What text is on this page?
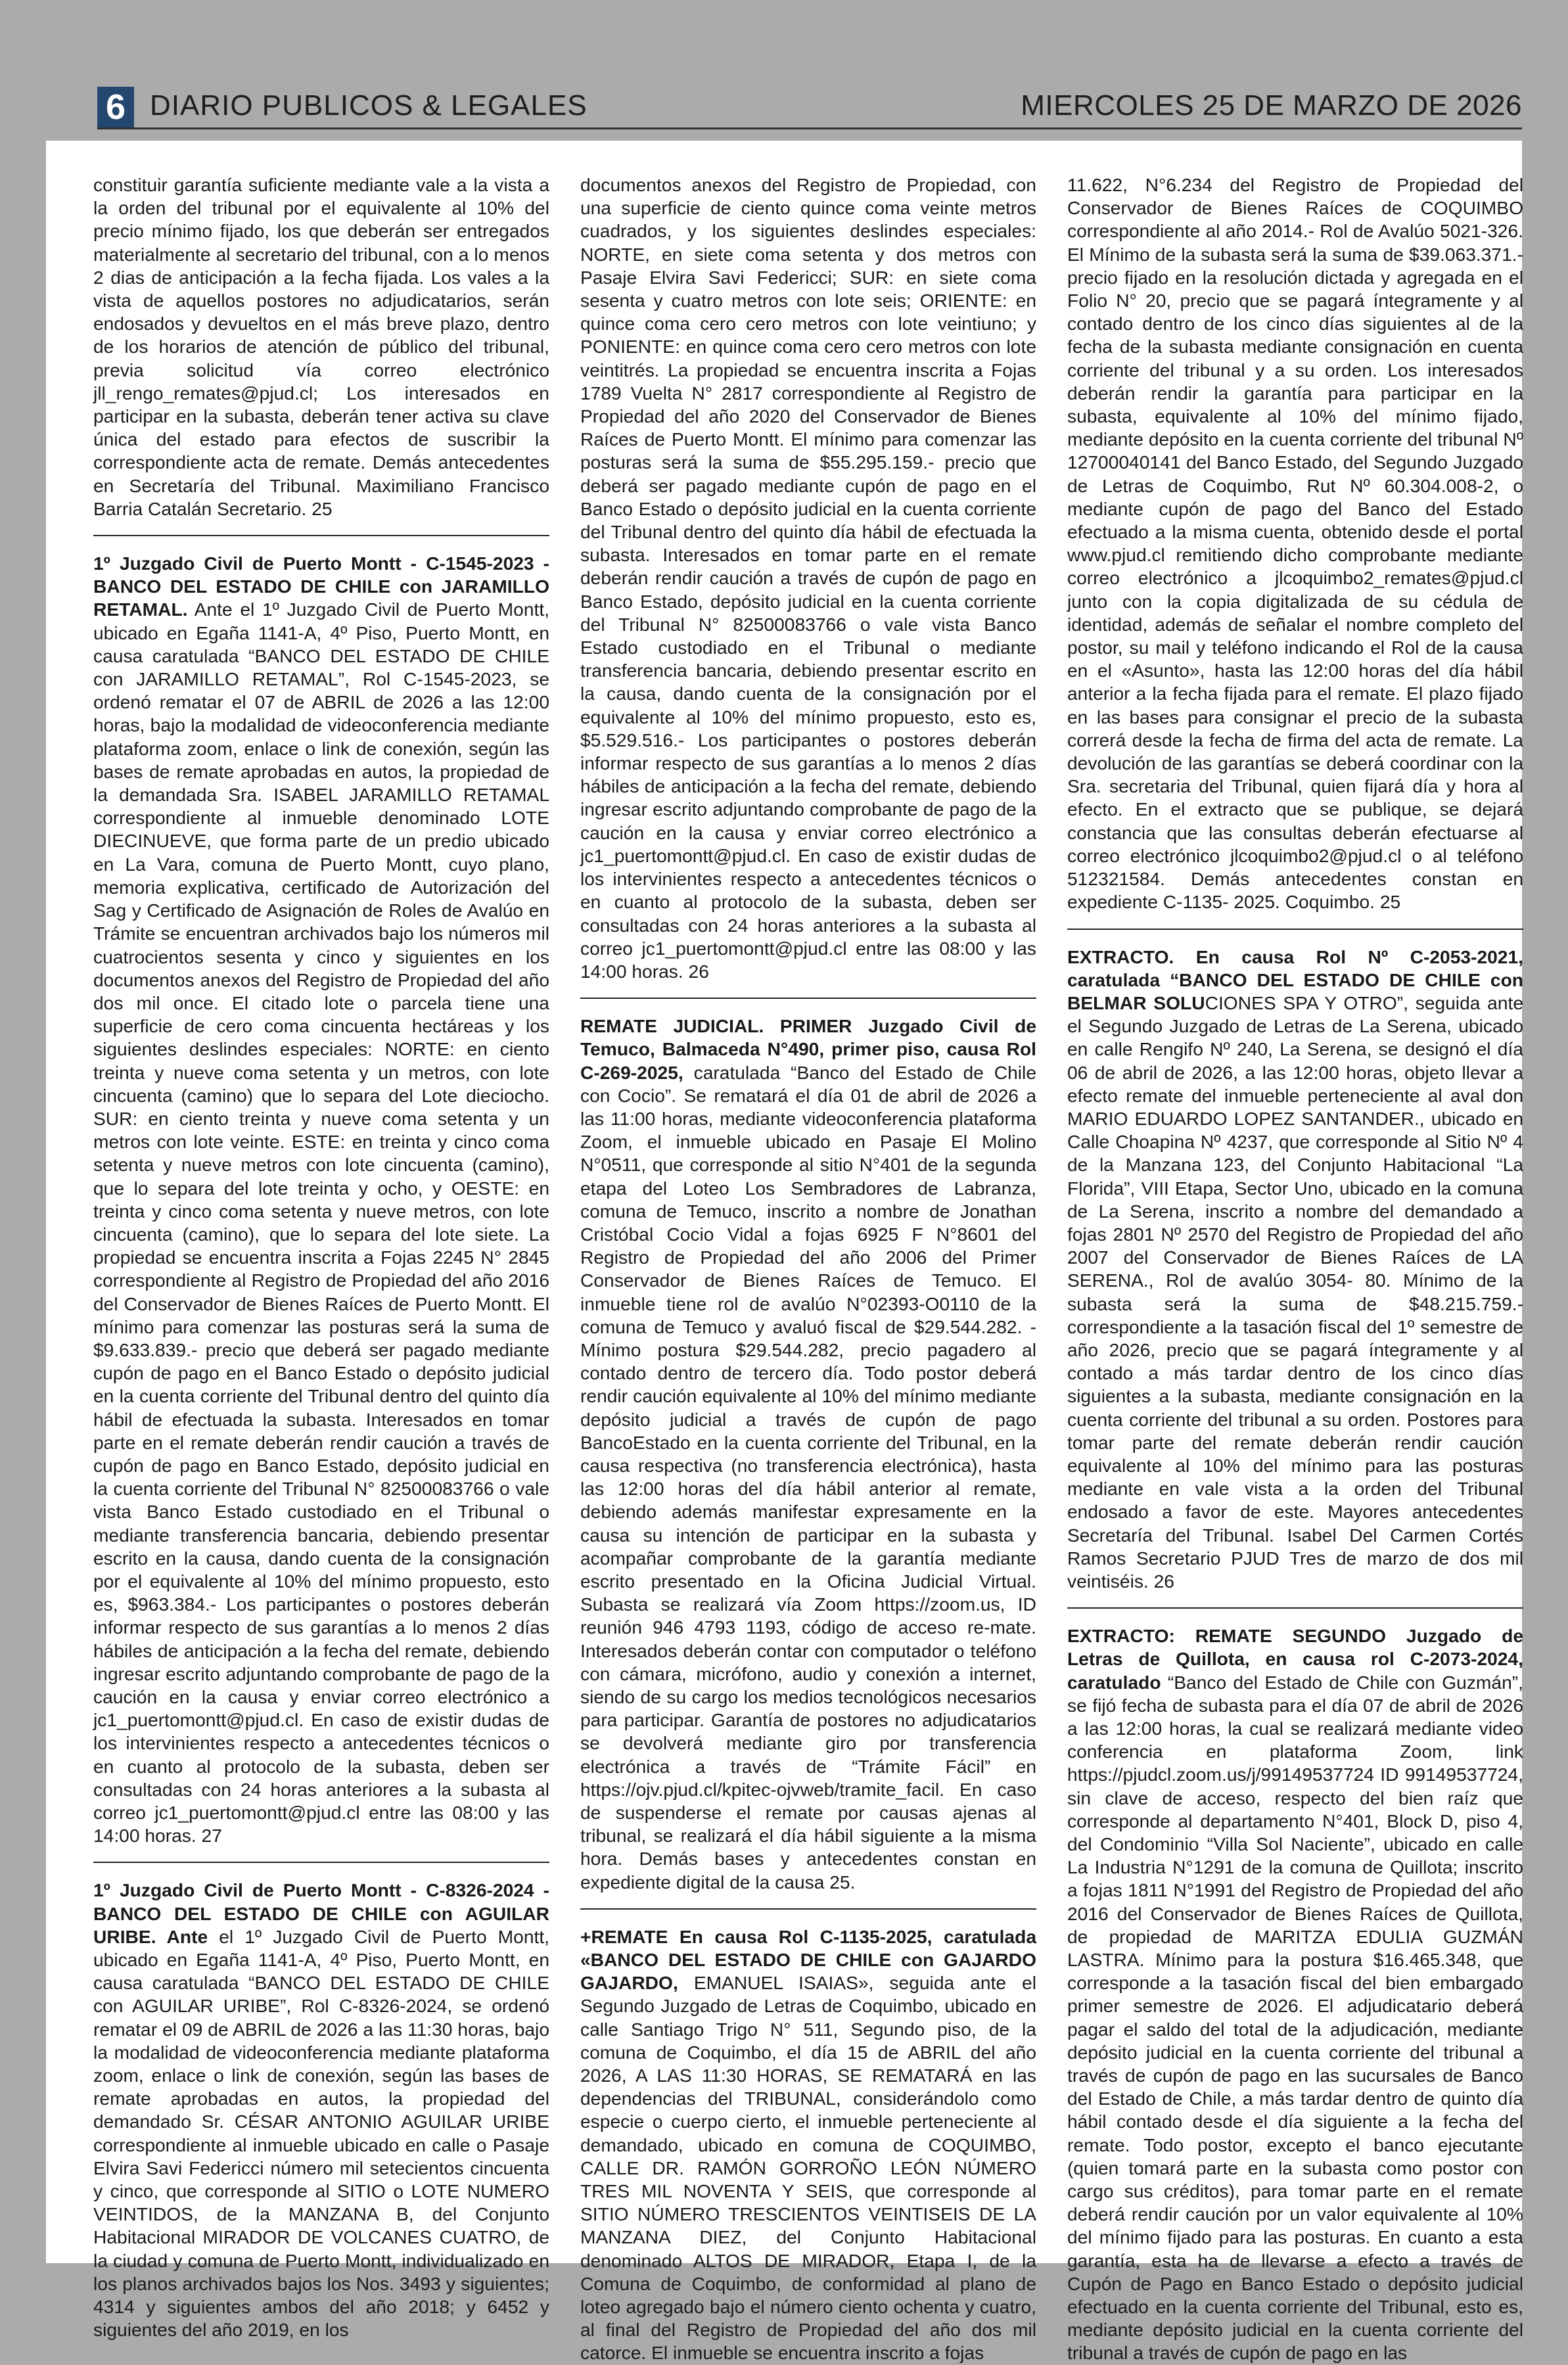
6 DIARIO PUBLICOS & LEGALES	MIERCOLES 25 DE MARZO DE 2026

constituir garantía suficiente mediante vale a la vista a la orden del tribunal por el equivalente al 10% del precio mínimo fijado, los que deberán ser entregados materialmente al secretario del tribunal, con a lo menos 2 dias de anticipación a la fecha fijada. Los vales a la vista de aquellos postores no adjudicatarios, serán endosados y devueltos en el más breve plazo, dentro de los horarios de atención de público del tribunal, previa solicitud vía correo electrónico jll_rengo_remates@pjud.cl; Los interesados en participar en la subasta, deberán tener activa su clave única del estado para efectos de suscribir la correspondiente acta de remate. Demás antecedentes en Secretaría del Tribunal. Maximiliano Francisco Barria Catalán Secretario. 25

1º Juzgado Civil de Puerto Montt - C-1545-2023 - BANCO DEL ESTADO DE CHILE con JARAMILLO RETAMAL. Ante el 1º Juzgado Civil de Puerto Montt, ubicado en Egaña 1141-A, 4º Piso, Puerto Montt, en causa caratulada “BANCO DEL ESTADO DE CHILE con JARAMILLO RETAMAL”, Rol C-1545-2023, se ordenó rematar el 07 de ABRIL de 2026 a las 12:00 horas, bajo la modalidad de videoconferencia mediante plataforma zoom, enlace o link de conexión, según las bases de remate aprobadas en autos, la propiedad de la demandada Sra. ISABEL JARAMILLO RETAMAL correspondiente al inmueble denominado LOTE DIECINUEVE, que forma parte de un predio ubicado en La Vara, comuna de Puerto Montt, cuyo plano, memoria explicativa, certificado de Autorización del Sag y Certificado de Asignación de Roles de Avalúo en Trámite se encuentran archivados bajo los números mil cuatrocientos sesenta y cinco y siguientes en los documentos anexos del Registro de Propiedad del año dos mil once. El citado lote o parcela tiene una superficie de cero coma cincuenta hectáreas y los siguientes deslindes especiales: NORTE: en ciento treinta y nueve coma setenta y un metros, con lote cincuenta (camino) que lo separa del Lote dieciocho. SUR: en ciento treinta y nueve coma setenta y un metros con lote veinte. ESTE: en treinta y cinco coma setenta y nueve metros con lote cincuenta (camino), que lo separa del lote treinta y ocho, y OESTE: en treinta y cinco coma setenta y nueve metros, con lote cincuenta (camino), que lo separa del lote siete. La propiedad se encuentra inscrita a Fojas 2245 N° 2845 correspondiente al Registro de Propiedad del año 2016 del Conservador de Bienes Raíces de Puerto Montt. El mínimo para comenzar las posturas será la suma de $9.633.839.- precio que deberá ser pagado mediante cupón de pago en el Banco Estado o depósito judicial en la cuenta corriente del Tribunal dentro del quinto día hábil de efectuada la subasta. Interesados en tomar parte en el remate deberán rendir caución a través de cupón de pago en Banco Estado, depósito judicial en la cuenta corriente del Tribunal N° 82500083766 o vale vista Banco Estado custodiado en el Tribunal o mediante transferencia bancaria, debiendo presentar escrito en la causa, dando cuenta de la consignación por el equivalente al 10% del mínimo propuesto, esto es, $963.384.- Los participantes o postores deberán informar respecto de sus garantías a lo menos 2 días hábiles de anticipación a la fecha del remate, debiendo ingresar escrito adjuntando comprobante de pago de la caución en la causa y enviar correo electrónico a jc1_puertomontt@pjud.cl. En caso de existir dudas de los intervinientes respecto a antecedentes técnicos o en cuanto al protocolo de la subasta, deben ser consultadas con 24 horas anteriores a la subasta al correo jc1_puertomontt@pjud.cl entre las 08:00 y las 14:00 horas. 27

1º Juzgado Civil de Puerto Montt - C-8326-2024 - BANCO DEL ESTADO DE CHILE con AGUILAR URIBE. Ante el 1º Juzgado Civil de Puerto Montt, ubicado en Egaña 1141-A, 4º Piso, Puerto Montt, en causa caratulada “BANCO DEL ESTADO DE CHILE con AGUILAR URIBE”, Rol C-8326-2024, se ordenó rematar el 09 de ABRIL de 2026 a las 11:30 horas, bajo la modalidad de videoconferencia mediante plataforma zoom, enlace o link de conexión, según las bases de remate aprobadas en autos, la propiedad del demandado Sr. CÉSAR ANTONIO AGUILAR URIBE correspondiente al inmueble ubicado en calle o Pasaje Elvira Savi Federicci número mil setecientos cincuenta y cinco, que corresponde al SITIO o LOTE NUMERO VEINTIDOS, de la MANZANA B, del Conjunto Habitacional MIRADOR DE VOLCANES CUATRO, de la ciudad y comuna de Puerto Montt, individualizado en los planos archivados bajos los Nos. 3493 y siguientes; 4314 y siguientes ambos del año 2018; y 6452 y siguientes del año 2019, en los

documentos anexos del Registro de Propiedad, con una superficie de ciento quince coma veinte metros cuadrados, y los siguientes deslindes especiales: NORTE, en siete coma setenta y dos metros con Pasaje Elvira Savi Federicci; SUR: en siete coma sesenta y cuatro metros con lote seis; ORIENTE: en quince coma cero cero metros con lote veintiuno; y PONIENTE: en quince coma cero cero metros con lote veintitrés. La propiedad se encuentra inscrita a Fojas 1789 Vuelta N° 2817 correspondiente al Registro de Propiedad del año 2020 del Conservador de Bienes Raíces de Puerto Montt. El mínimo para comenzar las posturas será la suma de $55.295.159.- precio que deberá ser pagado mediante cupón de pago en el Banco Estado o depósito judicial en la cuenta corriente del Tribunal dentro del quinto día hábil de efectuada la subasta. Interesados en tomar parte en el remate deberán rendir caución a través de cupón de pago en Banco Estado, depósito judicial en la cuenta corriente del Tribunal N° 82500083766 o vale vista Banco Estado custodiado en el Tribunal o mediante transferencia bancaria, debiendo presentar escrito en la causa, dando cuenta de la consignación por el equivalente al 10% del mínimo propuesto, esto es, $5.529.516.- Los participantes o postores deberán informar respecto de sus garantías a lo menos 2 días hábiles de anticipación a la fecha del remate, debiendo ingresar escrito adjuntando comprobante de pago de la caución en la causa y enviar correo electrónico a jc1_puertomontt@pjud.cl. En caso de existir dudas de los intervinientes respecto a antecedentes técnicos o en cuanto al protocolo de la subasta, deben ser consultadas con 24 horas anteriores a la subasta al correo jc1_puertomontt@pjud.cl entre las 08:00 y las 14:00 horas. 26

REMATE JUDICIAL. PRIMER Juzgado Civil de Temuco, Balmaceda N°490, primer piso, causa Rol C-269-2025, caratulada “Banco del Estado de Chile con Cocio”. Se rematará el día 01 de abril de 2026 a las 11:00 horas, mediante videoconferencia plataforma Zoom, el inmueble ubicado en Pasaje El Molino N°0511, que corresponde al sitio N°401 de la segunda etapa del Loteo Los Sembradores de Labranza, comuna de Temuco, inscrito a nombre de Jonathan Cristóbal Cocio Vidal a fojas 6925 F N°8601 del Registro de Propiedad del año 2006 del Primer Conservador de Bienes Raíces de Temuco. El inmueble tiene rol de avalúo N°02393-O0110 de la comuna de Temuco y avaluó fiscal de $29.544.282. - Mínimo postura $29.544.282, precio pagadero al contado dentro de tercero día. Todo postor deberá rendir caución equivalente al 10% del mínimo mediante depósito judicial a través de cupón de pago BancoEstado en la cuenta corriente del Tribunal, en la causa respectiva (no transferencia electrónica), hasta las 12:00 horas del día hábil anterior al remate, debiendo además manifestar expresamente en la causa su intención de participar en la subasta y acompañar comprobante de la garantía mediante escrito presentado en la Oficina Judicial Virtual. Subasta se realizará vía Zoom https://zoom.us, ID reunión 946 4793 1193, código de acceso re-mate. Interesados deberán contar con computador o teléfono con cámara, micrófono, audio y conexión a internet, siendo de su cargo los medios tecnológicos necesarios para participar. Garantía de postores no adjudicatarios se devolverá mediante giro por transferencia electrónica a través de “Trámite Fácil” en https://ojv.pjud.cl/kpitec-ojvweb/tramite_facil. En caso de suspenderse el remate por causas ajenas al tribunal, se realizará el día hábil siguiente a la misma hora. Demás bases y antecedentes constan en expediente digital de la causa 25.

+REMATE En causa Rol C-1135-2025, caratulada «BANCO DEL ESTADO DE CHILE con GAJARDO GAJARDO, EMANUEL ISAIAS», seguida ante el Segundo Juzgado de Letras de Coquimbo, ubicado en calle Santiago Trigo N° 511, Segundo piso, de la comuna de Coquimbo, el día 15 de ABRIL del año 2026, A LAS 11:30 HORAS, SE REMATARÁ en las dependencias del TRIBUNAL, considerándolo como especie o cuerpo cierto, el inmueble perteneciente al demandado, ubicado en comuna de COQUIMBO, CALLE DR. RAMÓN GORROÑO LEÓN NÚMERO TRES MIL NOVENTA Y SEIS, que corresponde al SITIO NÚMERO TRESCIENTOS VEINTISEIS DE LA MANZANA DIEZ, del Conjunto Habitacional denominado ALTOS DE MIRADOR, Etapa I, de la Comuna de Coquimbo, de conformidad al plano de loteo agregado bajo el número ciento ochenta y cuatro, al final del Registro de Propiedad del año dos mil catorce. El inmueble se encuentra inscrito a fojas

11.622, N°6.234 del Registro de Propiedad del Conservador de Bienes Raíces de COQUIMBO correspondiente al año 2014.- Rol de Avalúo 5021-326. El Mínimo de la subasta será la suma de $39.063.371.- precio fijado en la resolución dictada y agregada en el Folio N° 20, precio que se pagará íntegramente y al contado dentro de los cinco días siguientes al de la fecha de la subasta mediante consignación en cuenta corriente del tribunal y a su orden. Los interesados deberán rendir la garantía para participar en la subasta, equivalente al 10% del mínimo fijado, mediante depósito en la cuenta corriente del tribunal Nº 12700040141 del Banco Estado, del Segundo Juzgado de Letras de Coquimbo, Rut Nº 60.304.008-2, o mediante cupón de pago del Banco del Estado efectuado a la misma cuenta, obtenido desde el portal www.pjud.cl remitiendo dicho comprobante mediante correo electrónico a jlcoquimbo2_remates@pjud.cl junto con la copia digitalizada de su cédula de identidad, además de señalar el nombre completo del postor, su mail y teléfono indicando el Rol de la causa en el «Asunto», hasta las 12:00 horas del día hábil anterior a la fecha fijada para el remate. El plazo fijado en las bases para consignar el precio de la subasta correrá desde la fecha de firma del acta de remate. La devolución de las garantías se deberá coordinar con la Sra. secretaria del Tribunal, quien fijará día y hora al efecto. En el extracto que se publique, se dejará constancia que las consultas deberán efectuarse al correo electrónico jlcoquimbo2@pjud.cl o al teléfono 512321584. Demás antecedentes constan en expediente C-1135- 2025. Coquimbo. 25

EXTRACTO. En causa Rol Nº C-2053-2021, caratulada “BANCO DEL ESTADO DE CHILE con BELMAR SOLUCIONES SPA Y OTRO”, seguida ante el Segundo Juzgado de Letras de La Serena, ubicado en calle Rengifo Nº 240, La Serena, se designó el día 06 de abril de 2026, a las 12:00 horas, objeto llevar a efecto remate del inmueble perteneciente al aval don MARIO EDUARDO LOPEZ SANTANDER., ubicado en Calle Choapina Nº 4237, que corresponde al Sitio Nº 4 de la Manzana 123, del Conjunto Habitacional “La Florida”, VIII Etapa, Sector Uno, ubicado en la comuna de La Serena, inscrito a nombre del demandado a fojas 2801 Nº 2570 del Registro de Propiedad del año 2007 del Conservador de Bienes Raíces de LA SERENA., Rol de avalúo 3054- 80. Mínimo de la subasta será la suma de $48.215.759.- correspondiente a la tasación fiscal del 1º semestre de año 2026, precio que se pagará íntegramente y al contado a más tardar dentro de los cinco días siguientes a la subasta, mediante consignación en la cuenta corriente del tribunal a su orden. Postores para tomar parte del remate deberán rendir caución equivalente al 10% del mínimo para las posturas mediante en vale vista a la orden del Tribunal endosado a favor de este. Mayores antecedentes Secretaría del Tribunal. Isabel Del Carmen Cortés Ramos Secretario PJUD Tres de marzo de dos mil veintiséis. 26

EXTRACTO: REMATE SEGUNDO Juzgado de Letras de Quillota, en causa rol C-2073-2024, caratulado “Banco del Estado de Chile con Guzmán”, se fijó fecha de subasta para el día 07 de abril de 2026 a las 12:00 horas, la cual se realizará mediante video conferencia en plataforma Zoom, link https://pjudcl.zoom.us/j/99149537724 ID 99149537724, sin clave de acceso, respecto del bien raíz que corresponde al departamento N°401, Block D, piso 4, del Condominio “Villa Sol Naciente”, ubicado en calle La Industria N°1291 de la comuna de Quillota; inscrito a fojas 1811 N°1991 del Registro de Propiedad del año 2016 del Conservador de Bienes Raíces de Quillota, de propiedad de MARITZA EDULIA GUZMÁN LASTRA. Mínimo para la postura $16.465.348, que corresponde a la tasación fiscal del bien embargado primer semestre de 2026. El adjudicatario deberá pagar el saldo del total de la adjudicación, mediante depósito judicial en la cuenta corriente del tribunal a través de cupón de pago en las sucursales de Banco del Estado de Chile, a más tardar dentro de quinto día hábil contado desde el día siguiente a la fecha del remate. Todo postor, excepto el banco ejecutante (quien tomará parte en la subasta como postor con cargo sus créditos), para tomar parte en el remate deberá rendir caución por un valor equivalente al 10% del mínimo fijado para las posturas. En cuanto a esta garantía, esta ha de llevarse a efecto a través de Cupón de Pago en Banco Estado o depósito judicial efectuado en la cuenta corriente del Tribunal, esto es, mediante depósito judicial en la cuenta corriente del tribunal a través de cupón de pago en las
